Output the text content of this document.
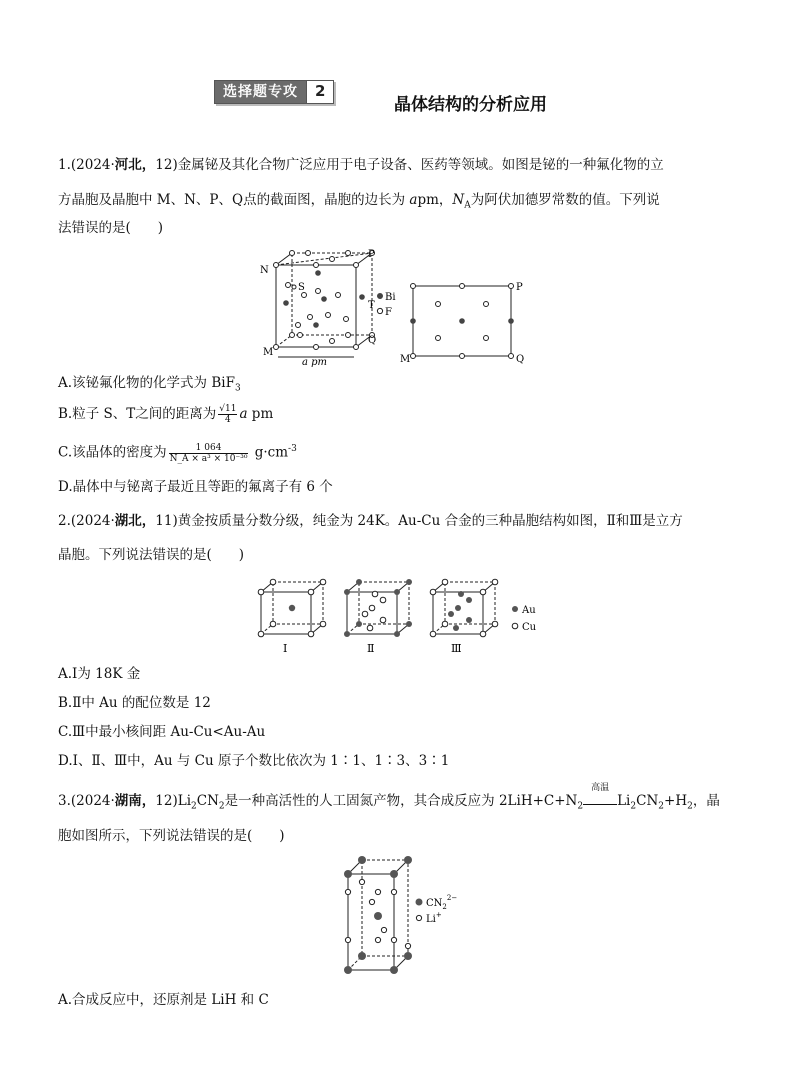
选择题专攻	2
晶体结构的分析应用
1.(2024·河北，12)金属铋及其化合物广泛应用于电子设备、医药等领域。如图是铋的一种氟化物的立
方晶胞及晶胞中 M、N、P、Q点的截面图，晶胞的边长为 apm，$N_A$为阿伏加德罗常数的值。下列说
法错误的是(　　)
N
P
M
Q
S
T
a pm
Bi
F
P
M	Q
A.该铋氟化物的化学式为 BiF$_3$
B.粒子 S、T之间的距离为 $\frac{√11}{4}$ a pm
C.该晶体的密度为 $\frac{1 064}{\text{N\_A × a³ × 10⁻³⁰}} g\cdot cm^{-3}$
D.晶体中与铋离子最近且等距的氟离子有 6 个
2.(2024·湖北，11)黄金按质量分数分级，纯金为 24K。Au-Cu 合金的三种晶胞结构如图，Ⅱ和Ⅲ是立方
晶胞。下列说法错误的是(　　)
Ⅰ	Ⅱ	Ⅲ
Au
Cu
A.Ⅰ为 18K 金
B.Ⅱ中 Au 的配位数是 12
C.Ⅲ中最小核间距 Au-Cu<Au-Au
D.Ⅰ、Ⅱ、Ⅲ中，Au 与 Cu 原子个数比依次为 1∶1、1∶3、3∶1
3.(2024·湖南，$12)Li_2CN_2$是一种高活性的人工固氮产物，其合成反应为 $2LiH+C+N_2$
高温
$Li_2CN_2+H_2$，晶
胞如图所示，下列说法错误的是(　　)
$CN_2^{2-}$
Li+
A.合成反应中，还原剂是 LiH 和 C
